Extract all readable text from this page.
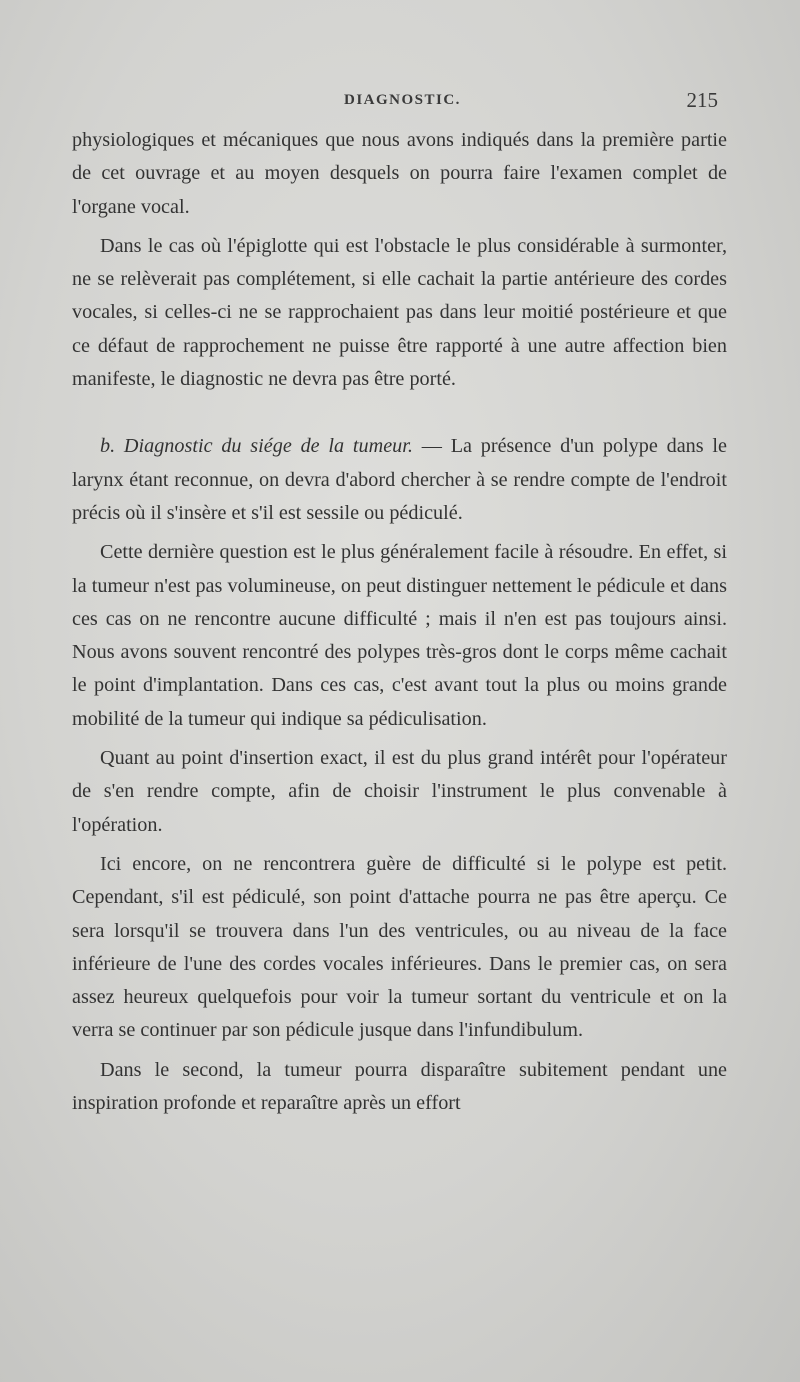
DIAGNOSTIC.	215

physiologiques et mécaniques que nous avons indiqués dans la première partie de cet ouvrage et au moyen desquels on pourra faire l'examen complet de l'organe vocal.

Dans le cas où l'épiglotte qui est l'obstacle le plus considérable à surmonter, ne se relèverait pas complétement, si elle cachait la partie antérieure des cordes vocales, si celles-ci ne se rapprochaient pas dans leur moitié postérieure et que ce défaut de rapprochement ne puisse être rapporté à une autre affection bien manifeste, le diagnostic ne devra pas être porté.

b. Diagnostic du siége de la tumeur. — La présence d'un polype dans le larynx étant reconnue, on devra d'abord chercher à se rendre compte de l'endroit précis où il s'insère et s'il est sessile ou pédiculé.

Cette dernière question est le plus généralement facile à résoudre. En effet, si la tumeur n'est pas volumineuse, on peut distinguer nettement le pédicule et dans ces cas on ne rencontre aucune difficulté ; mais il n'en est pas toujours ainsi. Nous avons souvent rencontré des polypes très-gros dont le corps même cachait le point d'implantation. Dans ces cas, c'est avant tout la plus ou moins grande mobilité de la tumeur qui indique sa pédiculisation.

Quant au point d'insertion exact, il est du plus grand intérêt pour l'opérateur de s'en rendre compte, afin de choisir l'instrument le plus convenable à l'opération.

Ici encore, on ne rencontrera guère de difficulté si le polype est petit. Cependant, s'il est pédiculé, son point d'attache pourra ne pas être aperçu. Ce sera lorsqu'il se trouvera dans l'un des ventricules, ou au niveau de la face inférieure de l'une des cordes vocales inférieures. Dans le premier cas, on sera assez heureux quelquefois pour voir la tumeur sortant du ventricule et on la verra se continuer par son pédicule jusque dans l'infundibulum.

Dans le second, la tumeur pourra disparaître subitement pendant une inspiration profonde et reparaître après un effort
